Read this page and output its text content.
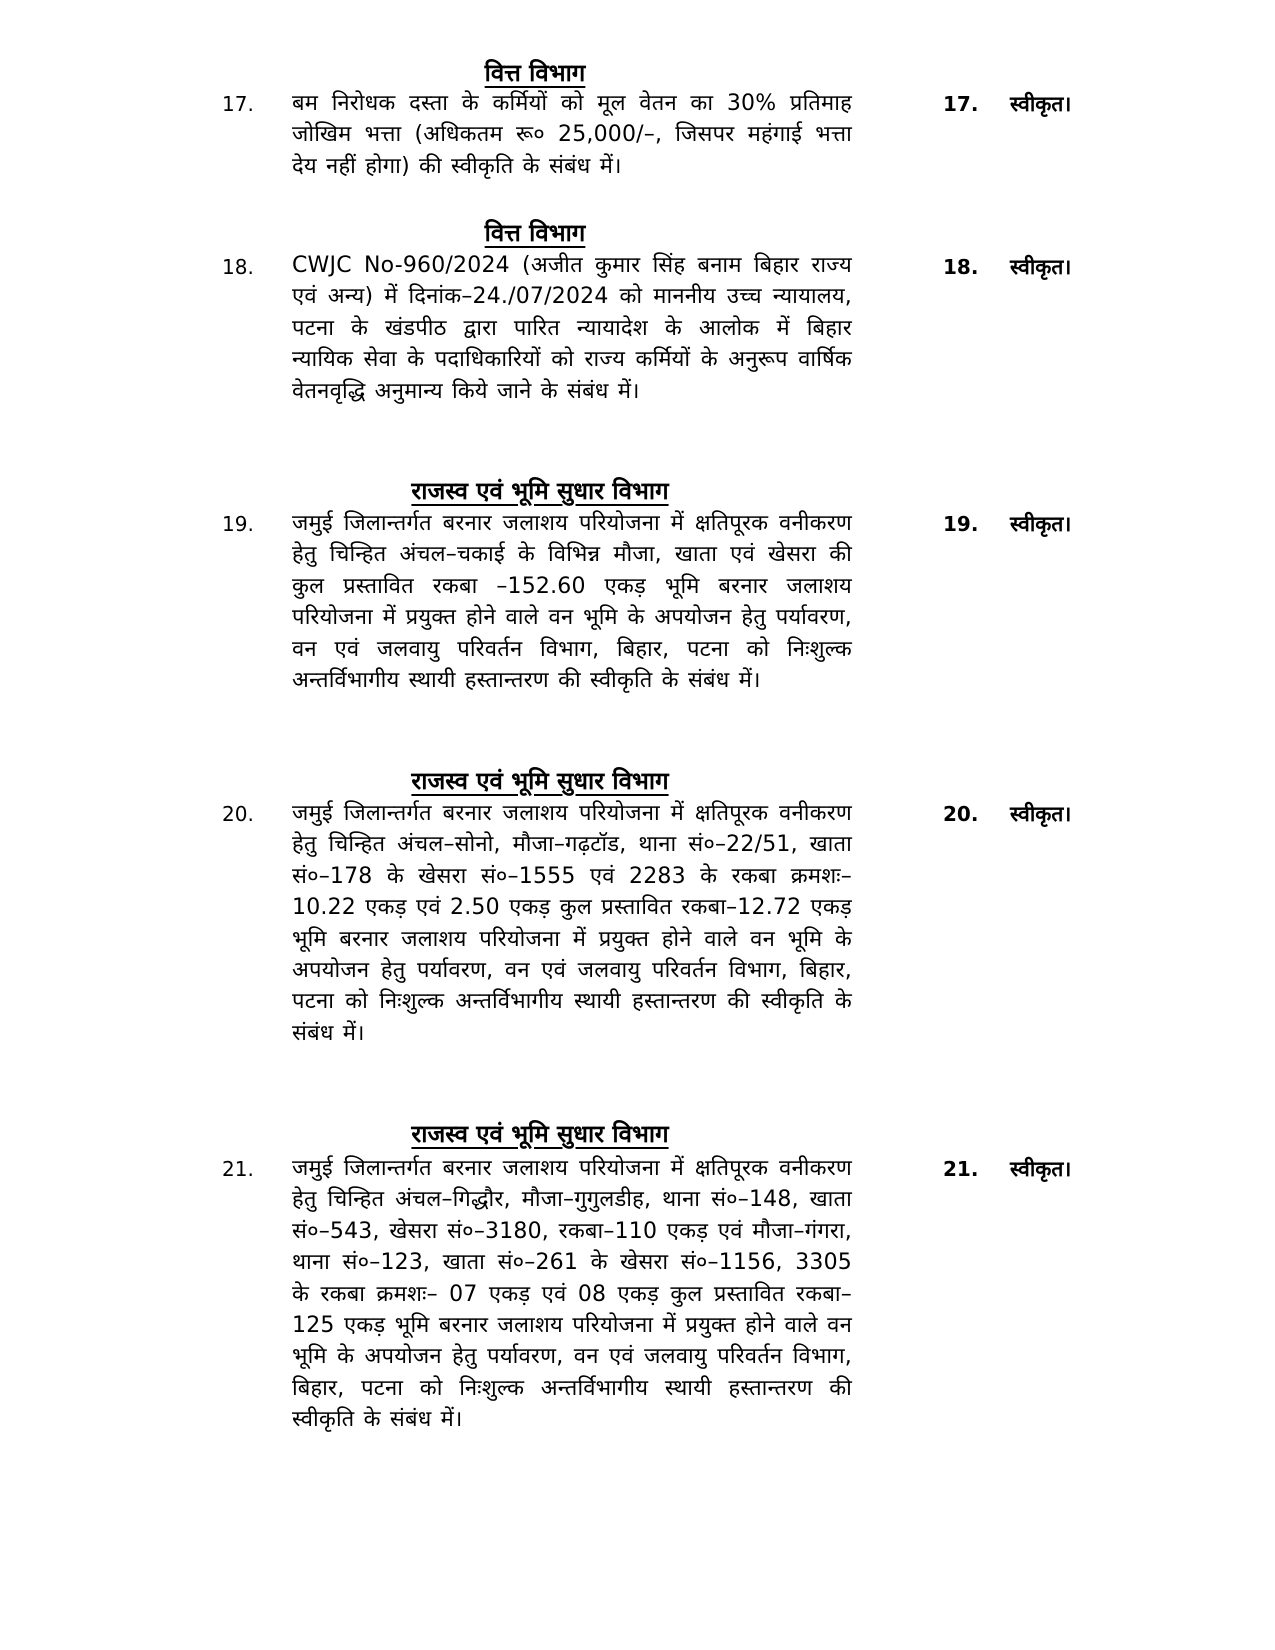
वित्त विभाग
17. बम निरोधक दस्ता के कर्मियों को मूल वेतन का 30% प्रतिमाह जोखिम भत्ता (अधिकतम रू० 25,000/–, जिसपर महंगाई भत्ता देय नहीं होगा) की स्वीकृति के संबंध में।
17. स्वीकृत।
वित्त विभाग
18. CWJC No-960/2024 (अजीत कुमार सिंह बनाम बिहार राज्य एवं अन्य) में दिनांक–24./07/2024 को माननीय उच्च न्यायालय, पटना के खंडपीठ द्वारा पारित न्यायादेश के आलोक में बिहार न्यायिक सेवा के पदाधिकारियों को राज्य कर्मियों के अनुरूप वार्षिक वेतनवृद्धि अनुमान्य किये जाने के संबंध में।
18. स्वीकृत।
राजस्व एवं भूमि सुधार विभाग
19. जमुई जिलान्तर्गत बरनार जलाशय परियोजना में क्षतिपूरक वनीकरण हेतु चिन्हित अंचल–चकाई के विभिन्न मौजा, खाता एवं खेसरा की कुल प्रस्तावित रकबा –152.60 एकड़ भूमि बरनार जलाशय परियोजना में प्रयुक्त होने वाले वन भूमि के अपयोजन हेतु पर्यावरण, वन एवं जलवायु परिवर्तन विभाग, बिहार, पटना को निःशुल्क अन्तर्विभागीय स्थायी हस्तान्तरण की स्वीकृति के संबंध में।
19. स्वीकृत।
राजस्व एवं भूमि सुधार विभाग
20. जमुई जिलान्तर्गत बरनार जलाशय परियोजना में क्षतिपूरक वनीकरण हेतु चिन्हित अंचल–सोनो, मौजा–गढ़टॉड, थाना सं०–22/51, खाता सं०–178 के खेसरा सं०–1555 एवं 2283 के रकबा क्रमशः–10.22 एकड़ एवं 2.50 एकड़ कुल प्रस्तावित रकबा–12.72 एकड़ भूमि बरनार जलाशय परियोजना में प्रयुक्त होने वाले वन भूमि के अपयोजन हेतु पर्यावरण, वन एवं जलवायु परिवर्तन विभाग, बिहार, पटना को निःशुल्क अन्तर्विभागीय स्थायी हस्तान्तरण की स्वीकृति के संबंध में।
20. स्वीकृत।
राजस्व एवं भूमि सुधार विभाग
21. जमुई जिलान्तर्गत बरनार जलाशय परियोजना में क्षतिपूरक वनीकरण हेतु चिन्हित अंचल–गिद्धौर, मौजा–गुगुलडीह, थाना सं०–148, खाता सं०–543, खेसरा सं०–3180, रकबा–110 एकड़ एवं मौजा–गंगरा, थाना सं०–123, खाता सं०–261 के खेसरा सं०–1156, 3305 के रकबा क्रमशः– 07 एकड़ एवं 08 एकड़ कुल प्रस्तावित रकबा–125 एकड़ भूमि बरनार जलाशय परियोजना में प्रयुक्त होने वाले वन भूमि के अपयोजन हेतु पर्यावरण, वन एवं जलवायु परिवर्तन विभाग, बिहार, पटना को निःशुल्क अन्तर्विभागीय स्थायी हस्तान्तरण की स्वीकृति के संबंध में।
21. स्वीकृत।
